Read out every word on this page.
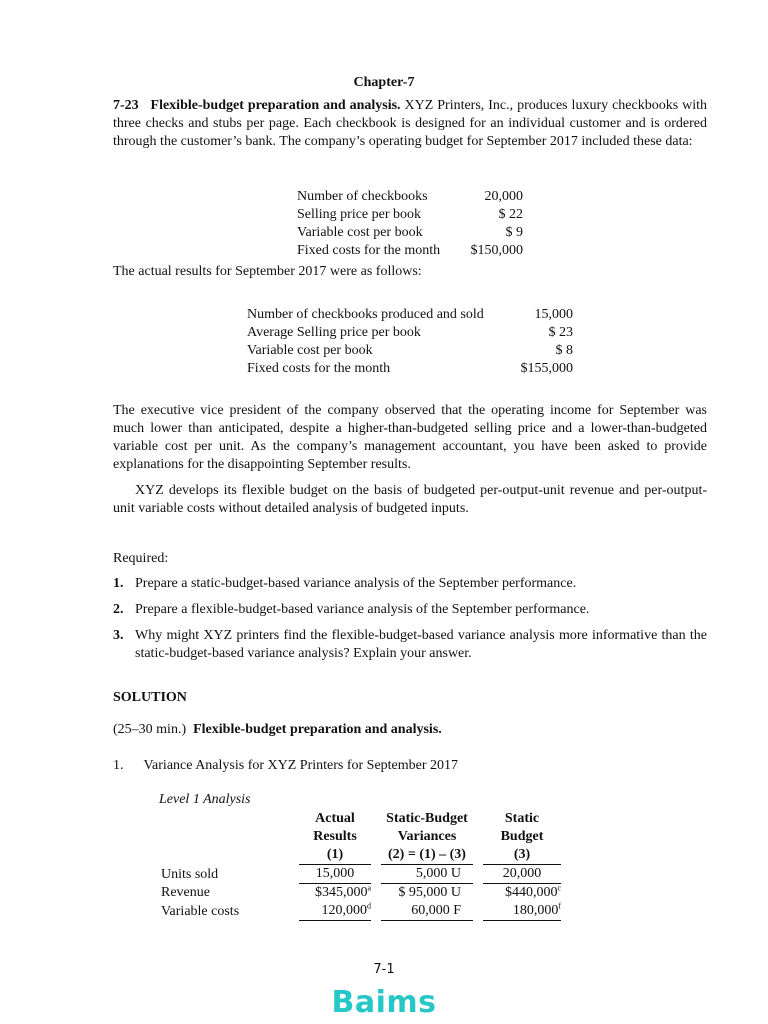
Chapter-7
7-23 Flexible-budget preparation and analysis. XYZ Printers, Inc., produces luxury checkbooks with three checks and stubs per page. Each checkbook is designed for an individual customer and is ordered through the customer’s bank. The company’s operating budget for September 2017 included these data:
Number of checkbooks	20,000
Selling price per book	$ 22
Variable cost per book	$ 9
Fixed costs for the month	$150,000
The actual results for September 2017 were as follows:
Number of checkbooks produced and sold	15,000
Average Selling price per book	$ 23
Variable cost per book	$ 8
Fixed costs for the month	$155,000
The executive vice president of the company observed that the operating income for September was much lower than anticipated, despite a higher-than-budgeted selling price and a lower-than-budgeted variable cost per unit. As the company’s management accountant, you have been asked to provide explanations for the disappointing September results.
XYZ develops its flexible budget on the basis of budgeted per-output-unit revenue and per-output-unit variable costs without detailed analysis of budgeted inputs.
Required:
1. Prepare a static-budget-based variance analysis of the September performance.
2. Prepare a flexible-budget-based variance analysis of the September performance.
3. Why might XYZ printers find the flexible-budget-based variance analysis more informative than the static-budget-based variance analysis? Explain your answer.
SOLUTION
(25–30 min.) Flexible-budget preparation and analysis.
1. Variance Analysis for XYZ Printers for September 2017
Level 1 Analysis
	Actual		Static-Budget		Static
	Results		Variances		Budget
	(1)		(2) = (1) – (3)		(3)
Units sold	15,000		5,000 U		20,000
Revenue	$345,000$^a$		$ 95,000 U		$440,000$^c$
Variable costs	120,000$^d$		60,000 F		180,000$^f$
7-1
Baims
